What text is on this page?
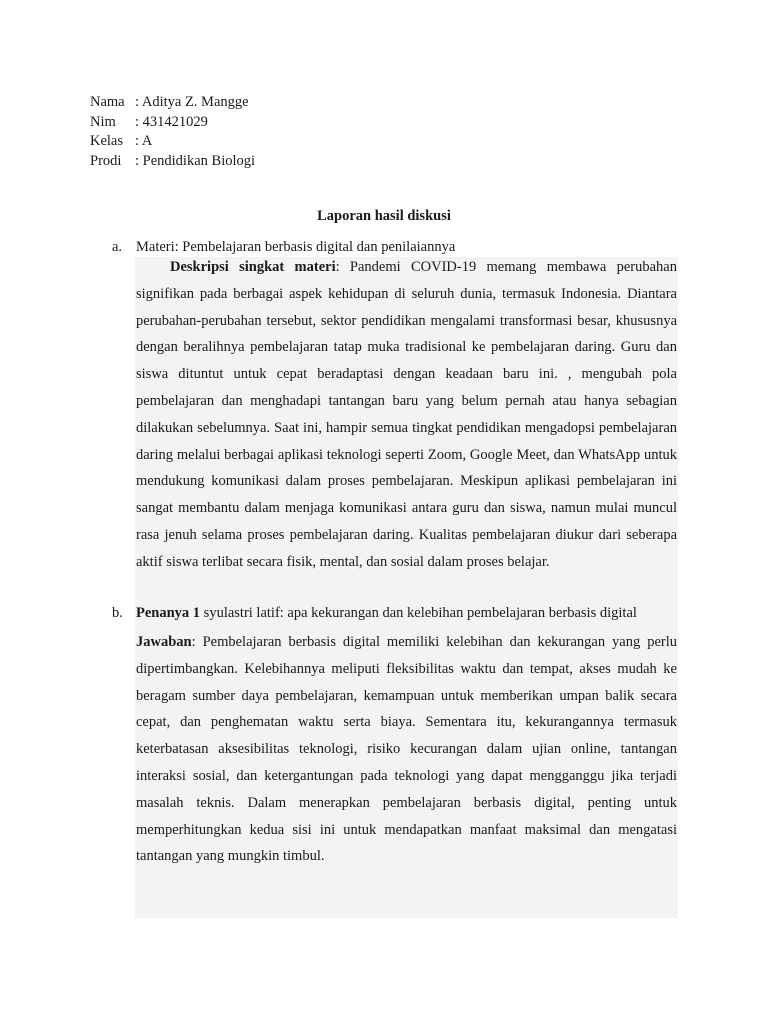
Nama : Aditya Z. Mangge
Nim	: 431421029
Kelas : A
Prodi : Pendidikan Biologi
Laporan hasil diskusi
a. Materi: Pembelajaran berbasis digital dan penilaiannya
Deskripsi singkat materi: Pandemi COVID-19 memang membawa perubahan signifikan pada berbagai aspek kehidupan di seluruh dunia, termasuk Indonesia. Diantara perubahan-perubahan tersebut, sektor pendidikan mengalami transformasi besar, khususnya dengan beralihnya pembelajaran tatap muka tradisional ke pembelajaran daring. Guru dan siswa dituntut untuk cepat beradaptasi dengan keadaan baru ini. , mengubah pola pembelajaran dan menghadapi tantangan baru yang belum pernah atau hanya sebagian dilakukan sebelumnya. Saat ini, hampir semua tingkat pendidikan mengadopsi pembelajaran daring melalui berbagai aplikasi teknologi seperti Zoom, Google Meet, dan WhatsApp untuk mendukung komunikasi dalam proses pembelajaran. Meskipun aplikasi pembelajaran ini sangat membantu dalam menjaga komunikasi antara guru dan siswa, namun mulai muncul rasa jenuh selama proses pembelajaran daring. Kualitas pembelajaran diukur dari seberapa aktif siswa terlibat secara fisik, mental, dan sosial dalam proses belajar.
b. Penanya 1 syulastri latif: apa kekurangan dan kelebihan pembelajaran berbasis digital
Jawaban: Pembelajaran berbasis digital memiliki kelebihan dan kekurangan yang perlu dipertimbangkan. Kelebihannya meliputi fleksibilitas waktu dan tempat, akses mudah ke beragam sumber daya pembelajaran, kemampuan untuk memberikan umpan balik secara cepat, dan penghematan waktu serta biaya. Sementara itu, kekurangannya termasuk keterbatasan aksesibilitas teknologi, risiko kecurangan dalam ujian online, tantangan interaksi sosial, dan ketergantungan pada teknologi yang dapat mengganggu jika terjadi masalah teknis. Dalam menerapkan pembelajaran berbasis digital, penting untuk memperhitungkan kedua sisi ini untuk mendapatkan manfaat maksimal dan mengatasi tantangan yang mungkin timbul.
